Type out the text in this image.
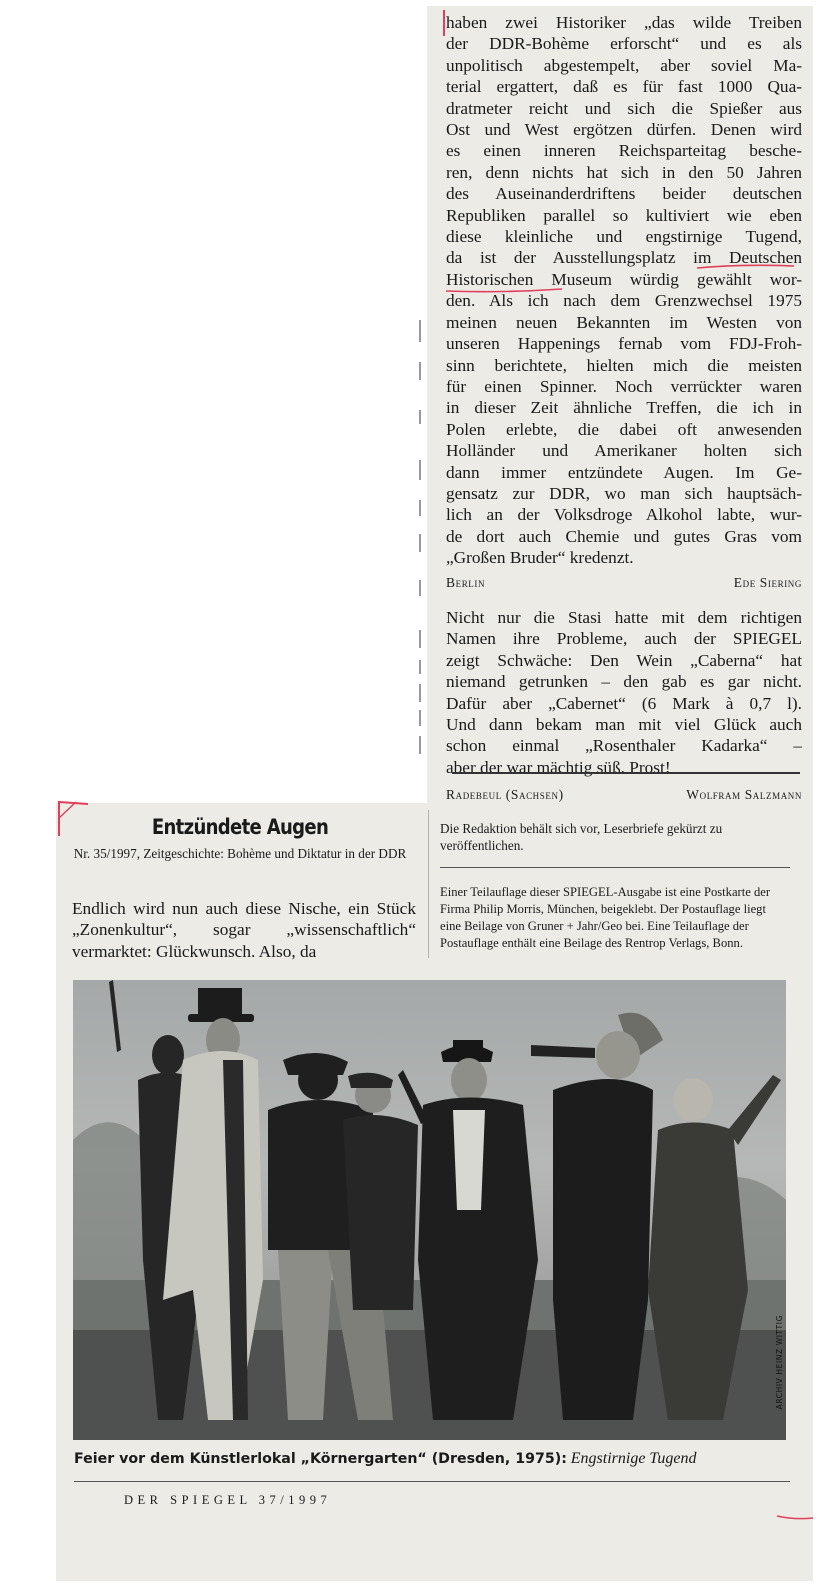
haben zwei Historiker „das wilde Treiben

der DDR-Bohème erforscht“ und es als

unpolitisch abgestempelt, aber soviel Ma-

terial ergattert, daß es für fast 1000 Qua-

dratmeter reicht und sich die Spießer aus

Ost und West ergötzen dürfen. Denen wird

es einen inneren Reichsparteitag besche-

ren, denn nichts hat sich in den 50 Jahren

des Auseinanderdriftens beider deutschen

Republiken parallel so kultiviert wie eben

diese kleinliche und engstirnige Tugend,

da ist der Ausstellungsplatz im Deutschen

Historischen Museum würdig gewählt wor-

den. Als ich nach dem Grenzwechsel 1975

meinen neuen Bekannten im Westen von

unseren Happenings fernab vom FDJ-Froh-

sinn berichtete, hielten mich die meisten

für einen Spinner. Noch verrückter waren

in dieser Zeit ähnliche Treffen, die ich in

Polen erlebte, die dabei oft anwesenden

Holländer und Amerikaner holten sich

dann immer entzündete Augen. Im Ge-

gensatz zur DDR, wo man sich hauptsäch-

lich an der Volksdroge Alkohol labte, wur-

de dort auch Chemie und gutes Gras vom

„Großen Bruder“ kredenzt.

Berlin	Ede Siering

Nicht nur die Stasi hatte mit dem richtigen

Namen ihre Probleme, auch der SPIEGEL

zeigt Schwäche: Den Wein „Caberna“ hat

niemand getrunken – den gab es gar nicht.

Dafür aber „Cabernet“ (6 Mark à 0,7 l).

Und dann bekam man mit viel Glück auch

schon einmal „Rosenthaler Kadarka“ –

aber der war mächtig süß. Prost!

Radebeul (Sachsen)	Wolfram Salzmann
Entzündete Augen
Nr. 35/1997, Zeitgeschichte: Bohème und Diktatur in der DDR
Endlich wird nun auch diese Nische, ein Stück „Zonenkultur“, sogar „wissenschaftlich“ vermarktet: Glückwunsch. Also, da

Die Redaktion behält sich vor, Leserbriefe gekürzt zu veröffentlichen.

Einer Teilauflage dieser SPIEGEL-Ausgabe ist eine Postkarte der Firma Philip Morris, München, beigeklebt. Der Postauflage liegt eine Beilage von Gruner + Jahr/Geo bei. Eine Teilauflage der Postauflage enthält eine Beilage des Rentrop Verlags, Bonn.

ARCHIV HEINZ WITTIG
Feier vor dem Künstlerlokal „Körnergarten“ (Dresden, 1975): Engstirnige Tugend
DER SPIEGEL 37/1997
